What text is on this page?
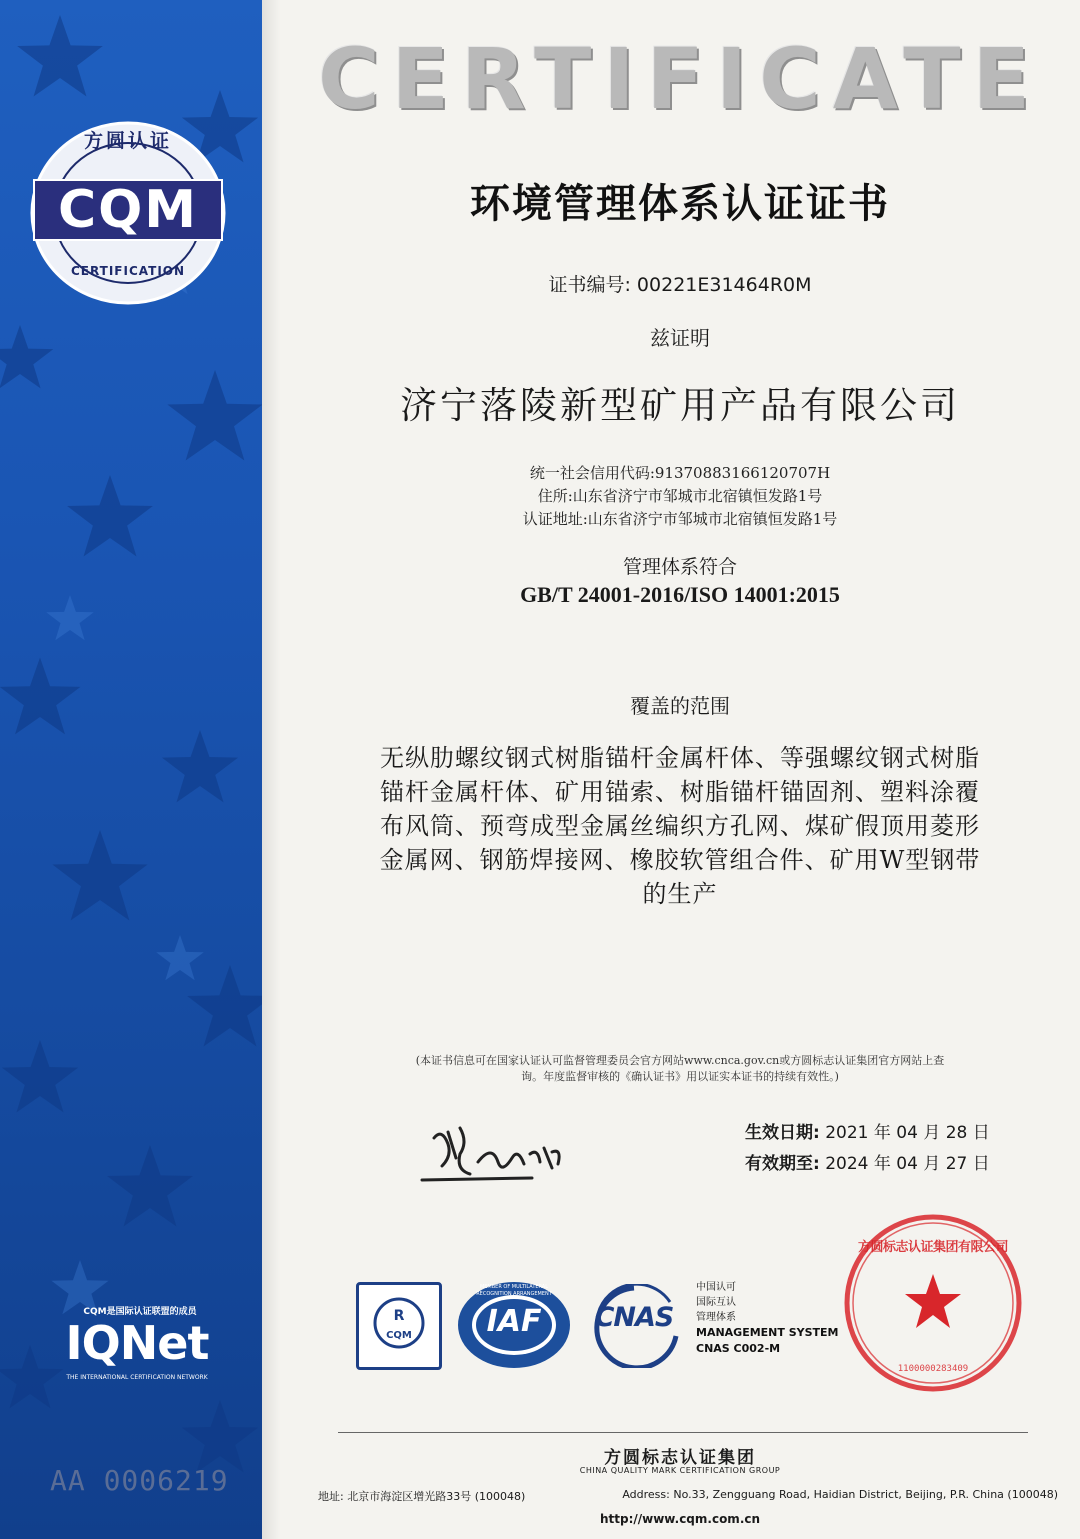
方圆认证
CQM
CERTIFICATION
CQM是国际认证联盟的成员
IQNet
THE INTERNATIONAL CERTIFICATION NETWORK
AA 0006219
CERTIFICATE
环境管理体系认证证书
证书编号: 00221E31464R0M
兹证明
济宁落陵新型矿用产品有限公司
统一社会信用代码:91370883166120707H
住所:山东省济宁市邹城市北宿镇恒发路1号
认证地址:山东省济宁市邹城市北宿镇恒发路1号
管理体系符合
GB/T 24001-2016/ISO 14001:2015
覆盖的范围
无纵肋螺纹钢式树脂锚杆金属杆体、等强螺纹钢式树脂
锚杆金属杆体、矿用锚索、树脂锚杆锚固剂、塑料涂覆
布风筒、预弯成型金属丝编织方孔网、煤矿假顶用菱形
金属网、钢筋焊接网、橡胶软管组合件、矿用W型钢带
的生产
(本证书信息可在国家认证认可监督管理委员会官方网站www.cnca.gov.cn或方圆标志认证集团官方网站上查
询。年度监督审核的《确认证书》用以证实本证书的持续有效性。)
生效日期: 2021 年 04 月 28 日
有效期至: 2024 年 04 月 27 日
R
CQM	IAF
MEMBER OF MULTILATERAL RECOGNITION ARRANGEMENT
CNAS
中国认可
国际互认
管理体系
MANAGEMENT SYSTEM
CNAS C002-M
方圆标志认证集团有限公司
1100000283409
方圆标志认证集团
CHINA QUALITY MARK CERTIFICATION GROUP
地址: 北京市海淀区增光路33号 (100048)	Address: No.33, Zengguang Road, Haidian District, Beijing, P.R. China (100048)
http://www.cqm.com.cn
